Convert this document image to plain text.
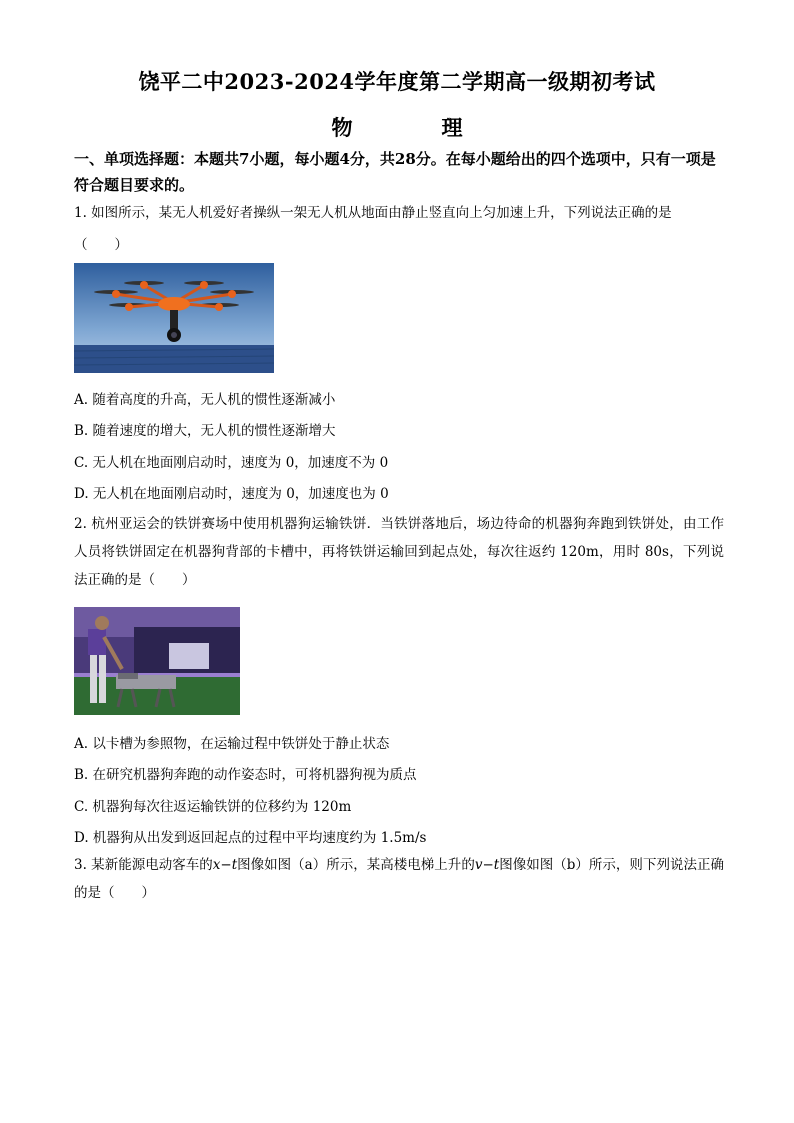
饶平二中2023-2024学年度第二学期高一级期初考试
物　理
一、单项选择题：本题共7小题，每小题4分，共28分。在每小题给出的四个选项中，只有一项是符合题目要求的。
1. 如图所示，某无人机爱好者操纵一架无人机从地面由静止竖直向上匀加速上升，下列说法正确的是
（　　）
A. 随着高度的升高，无人机的惯性逐渐减小
B. 随着速度的增大，无人机的惯性逐渐增大
C. 无人机在地面刚启动时，速度为 0，加速度不为 0
D. 无人机在地面刚启动时，速度为 0，加速度也为 0
2. 杭州亚运会的铁饼赛场中使用机器狗运输铁饼．当铁饼落地后，场边待命的机器狗奔跑到铁饼处，由工作人员将铁饼固定在机器狗背部的卡槽中，再将铁饼运输回到起点处，每次往返约 120m，用时 80s，下列说法正确的是（　　）
A. 以卡槽为参照物，在运输过程中铁饼处于静止状态
B. 在研究机器狗奔跑的动作姿态时，可将机器狗视为质点
C. 机器狗每次往返运输铁饼的位移约为 120m
D. 机器狗从出发到返回起点的过程中平均速度约为 1.5m/s
3. 某新能源电动客车的x−t图像如图（a）所示，某高楼电梯上升的v−t图像如图（b）所示，则下列说法正确的是（　　）
